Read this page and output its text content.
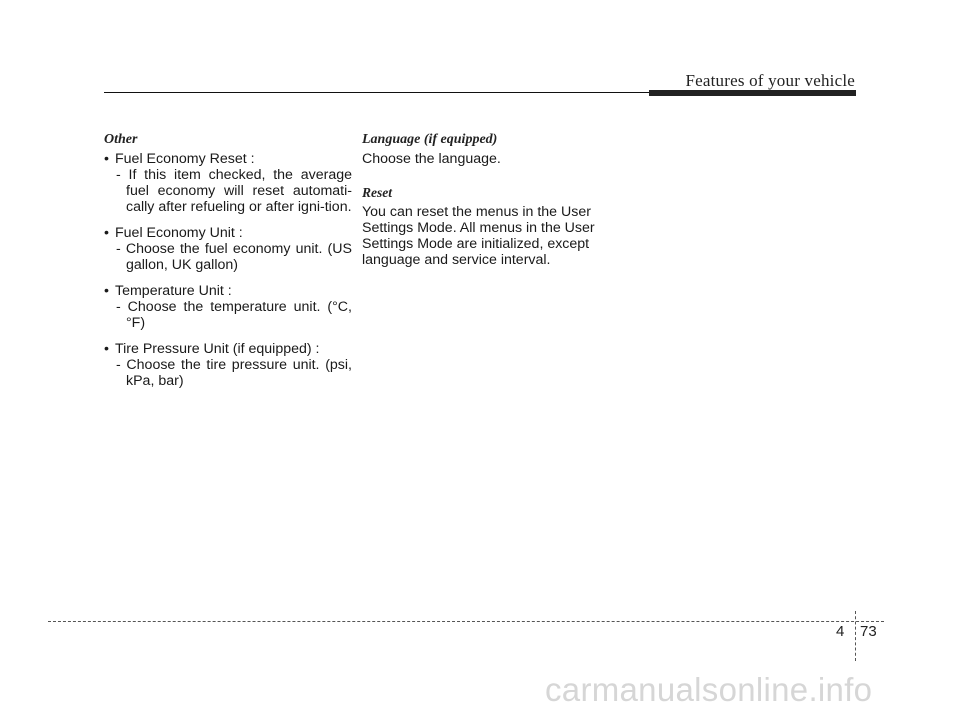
Features of your vehicle
Other
• Fuel Economy Reset :
- If this item checked, the average fuel economy will reset automati-cally after refueling or after igni-tion.
• Fuel Economy Unit :
- Choose the fuel economy unit. (US gallon, UK gallon)
• Temperature Unit :
- Choose the temperature unit. (°C,°F)
• Tire Pressure Unit (if equipped) :
- Choose the tire pressure unit. (psi, kPa, bar)
Language (if equipped)
Choose the language.
Reset
You can reset the menus in the User Settings Mode. All menus in the User Settings Mode are initialized, except language and service interval.
4 73
carmanualsonline.info
